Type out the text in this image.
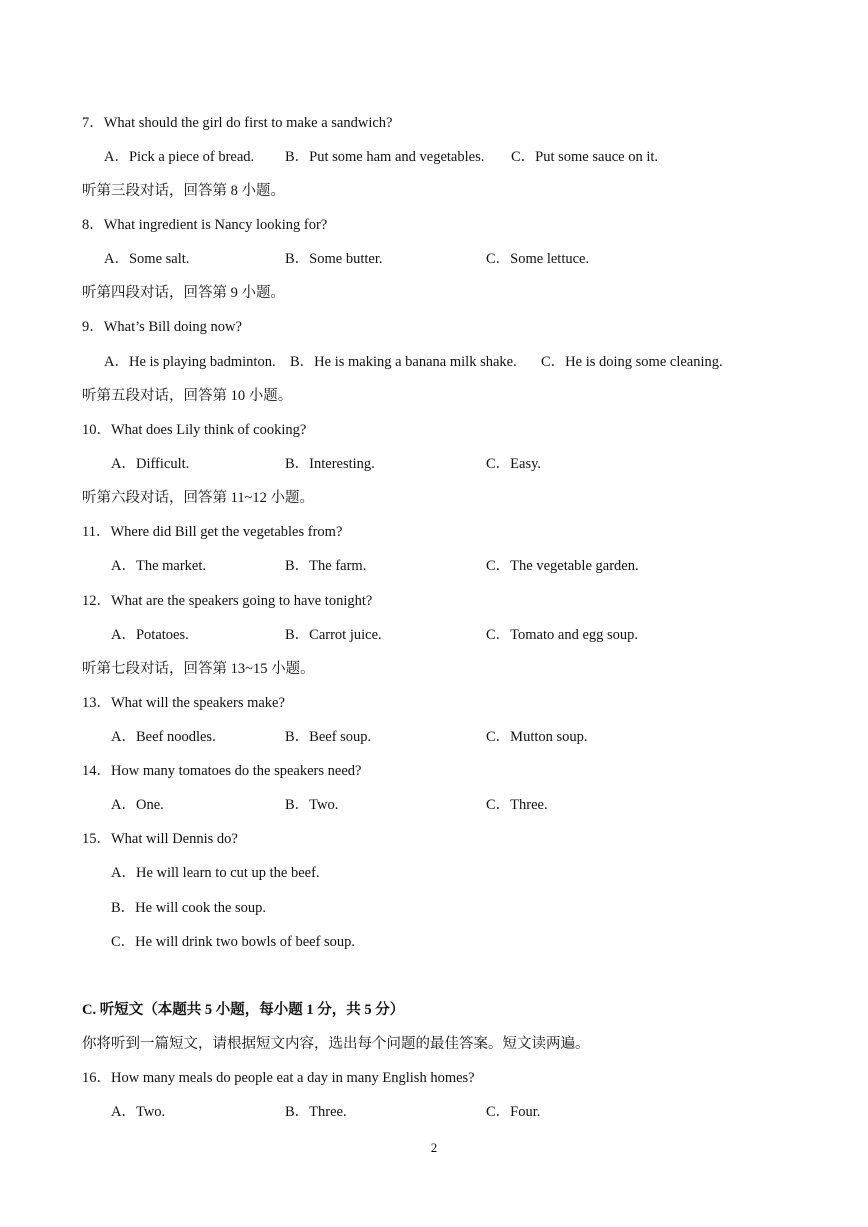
7．What should the girl do first to make a sandwich?
A．Pick a piece of bread. B．Put some ham and vegetables. C．Put some sauce on it.
听第三段对话，回答第 8 小题。
8．What ingredient is Nancy looking for?
A．Some salt.	B．Some butter.	C．Some lettuce.
听第四段对话，回答第 9 小题。
9．What’s Bill doing now?
A．He is playing badminton. B．He is making a banana milk shake. C．He is doing some cleaning.
听第五段对话，回答第 10 小题。
10．What does Lily think of cooking?
A．Difficult.	B．Interesting.	C．Easy.
听第六段对话，回答第 11~12 小题。
11．Where did Bill get the vegetables from?
A．The market.	B．The farm.	C．The vegetable garden.
12．What are the speakers going to have tonight?
A．Potatoes.	B．Carrot juice.	C．Tomato and egg soup.
听第七段对话，回答第 13~15 小题。
13．What will the speakers make?
A．Beef noodles.	B．Beef soup.	C．Mutton soup.
14．How many tomatoes do the speakers need?
A．One.	B．Two.	C．Three.
15．What will Dennis do?
A．He will learn to cut up the beef.
B．He will cook the soup.
C．He will drink two bowls of beef soup.
C. 听短文（本题共 5 小题，每小题 1 分，共 5 分）
你将听到一篇短文，请根据短文内容，选出每个问题的最佳答案。短文读两遍。
16．How many meals do people eat a day in many English homes?
A．Two.	B．Three.	C．Four.
2
